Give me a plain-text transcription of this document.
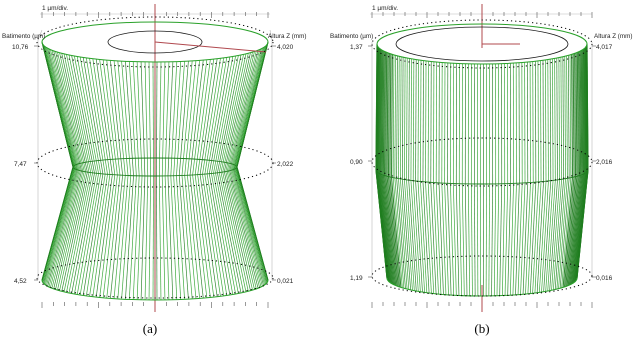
1 µm/div.
Batimento (µm)	Altura Z (mm)
10,76
7,47
4,52
4,020
2,022
0,021
(a)
1 µm/div.
Batimento (µm)	Altura Z (mm)
1,37
0,90
1,19
4,017
2,016
0,016
(b)
